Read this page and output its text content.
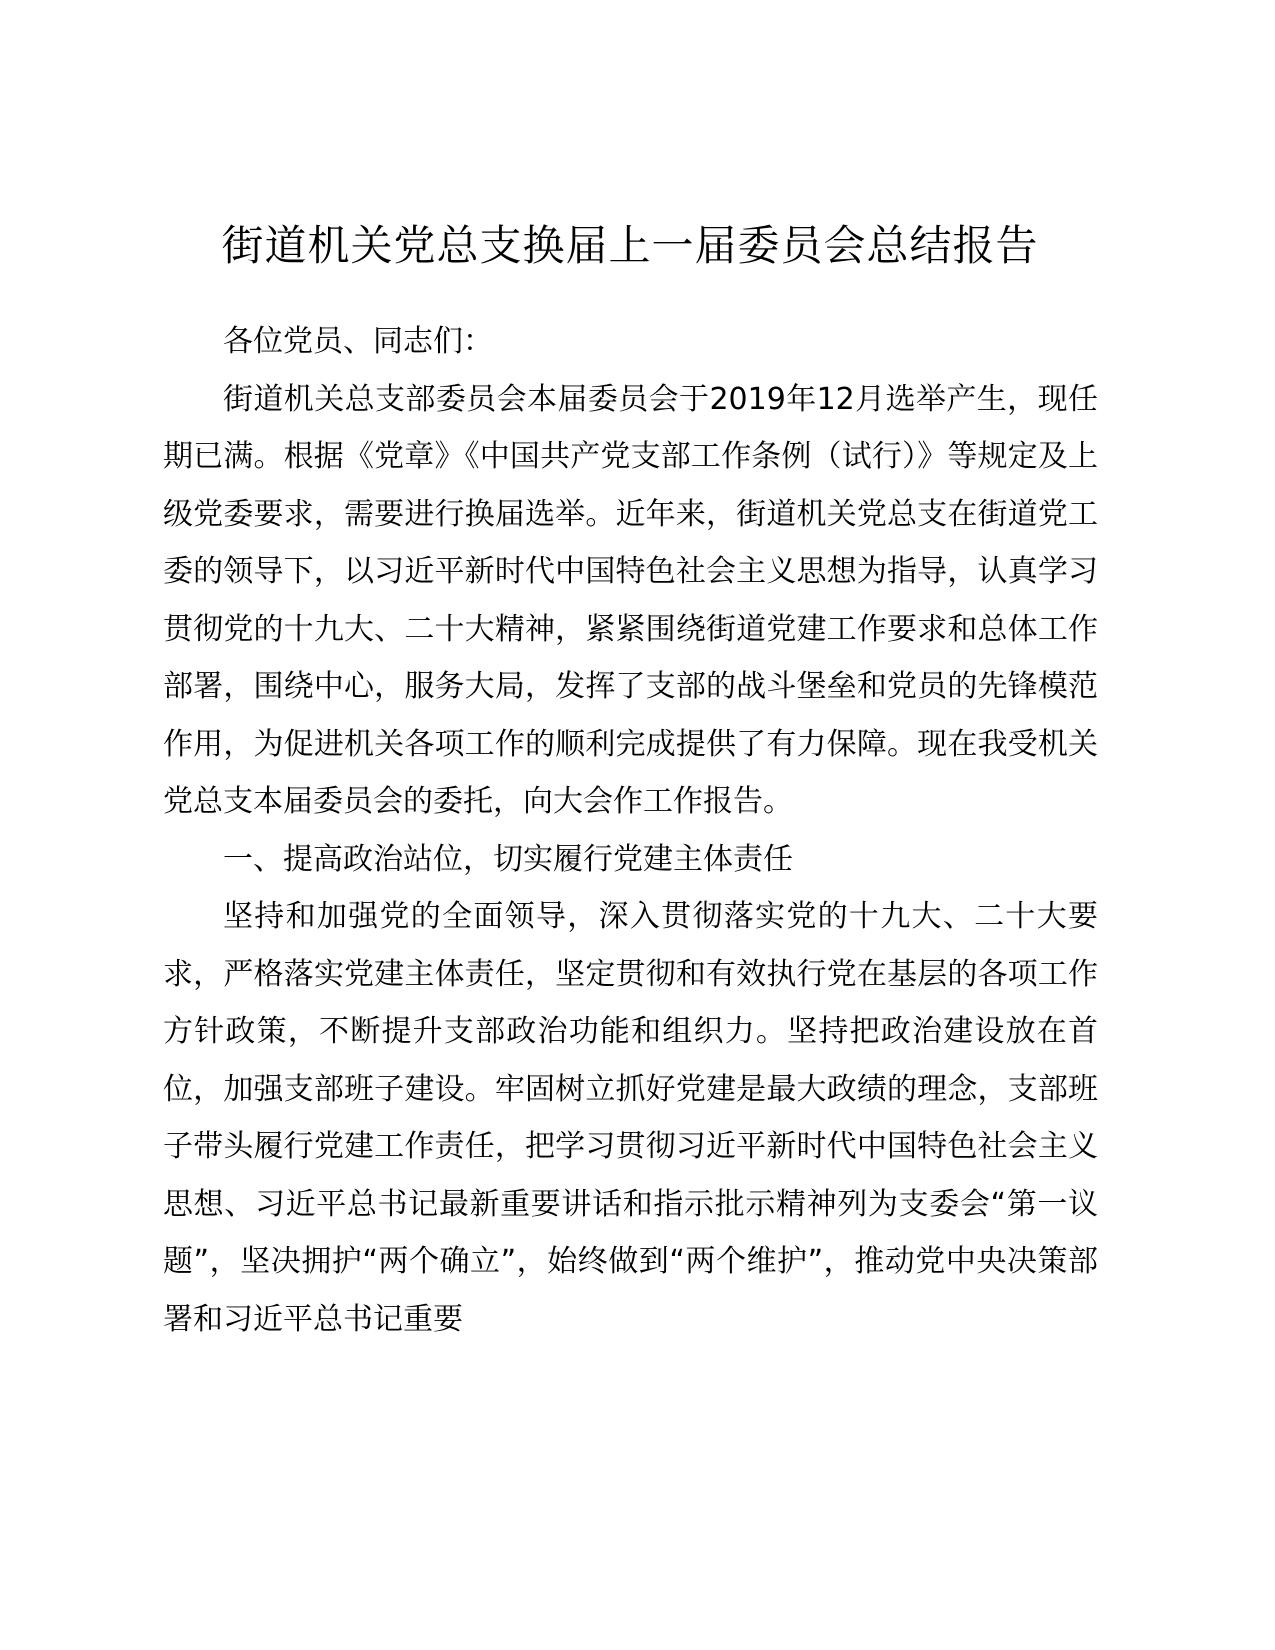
街道机关党总支换届上一届委员会总结报告

各位党员、同志们：

街道机关总支部委员会本届委员会于2019年12月选举产生，现任期已满。根据《党章》《中国共产党支部工作条例（试行）》等规定及上级党委要求，需要进行换届选举。近年来，街道机关党总支在街道党工委的领导下，以习近平新时代中国特色社会主义思想为指导，认真学习贯彻党的十九大、二十大精神，紧紧围绕街道党建工作要求和总体工作部署，围绕中心，服务大局，发挥了支部的战斗堡垒和党员的先锋模范作用，为促进机关各项工作的顺利完成提供了有力保障。现在我受机关党总支本届委员会的委托，向大会作工作报告。

一、提高政治站位，切实履行党建主体责任

坚持和加强党的全面领导，深入贯彻落实党的十九大、二十大要求，严格落实党建主体责任，坚定贯彻和有效执行党在基层的各项工作方针政策，不断提升支部政治功能和组织力。坚持把政治建设放在首位，加强支部班子建设。牢固树立抓好党建是最大政绩的理念，支部班子带头履行党建工作责任，把学习贯彻习近平新时代中国特色社会主义思想、习近平总书记最新重要讲话和指示批示精神列为支委会“第一议题”，坚决拥护“两个确立”，始终做到“两个维护”，推动党中央决策部署和习近平总书记重要
